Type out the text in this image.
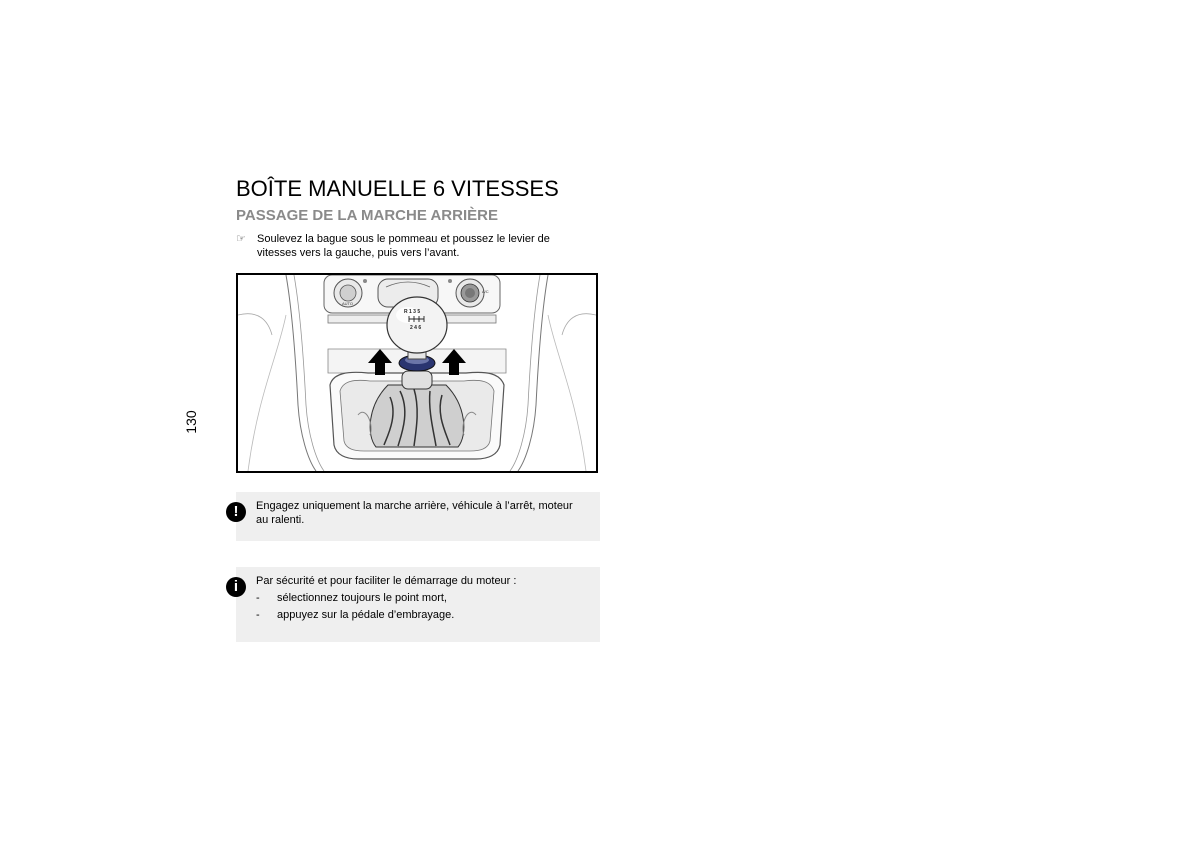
130
BOÎTE MANUELLE 6 VITESSES
PASSAGE DE LA MARCHE ARRIÈRE
☞ Soulevez la bague sous le pommeau et poussez le levier de vitesses vers la gauche, puis vers l’avant.
AUTO
A/C
R 1 3 5
2 4 6
!	Engagez uniquement la marche arrière, véhicule à l’arrêt, moteur au ralenti.
i	Par sécurité et pour faciliter le démarrage du moteur :
- sélectionnez toujours le point mort,
- appuyez sur la pédale d’embrayage.
